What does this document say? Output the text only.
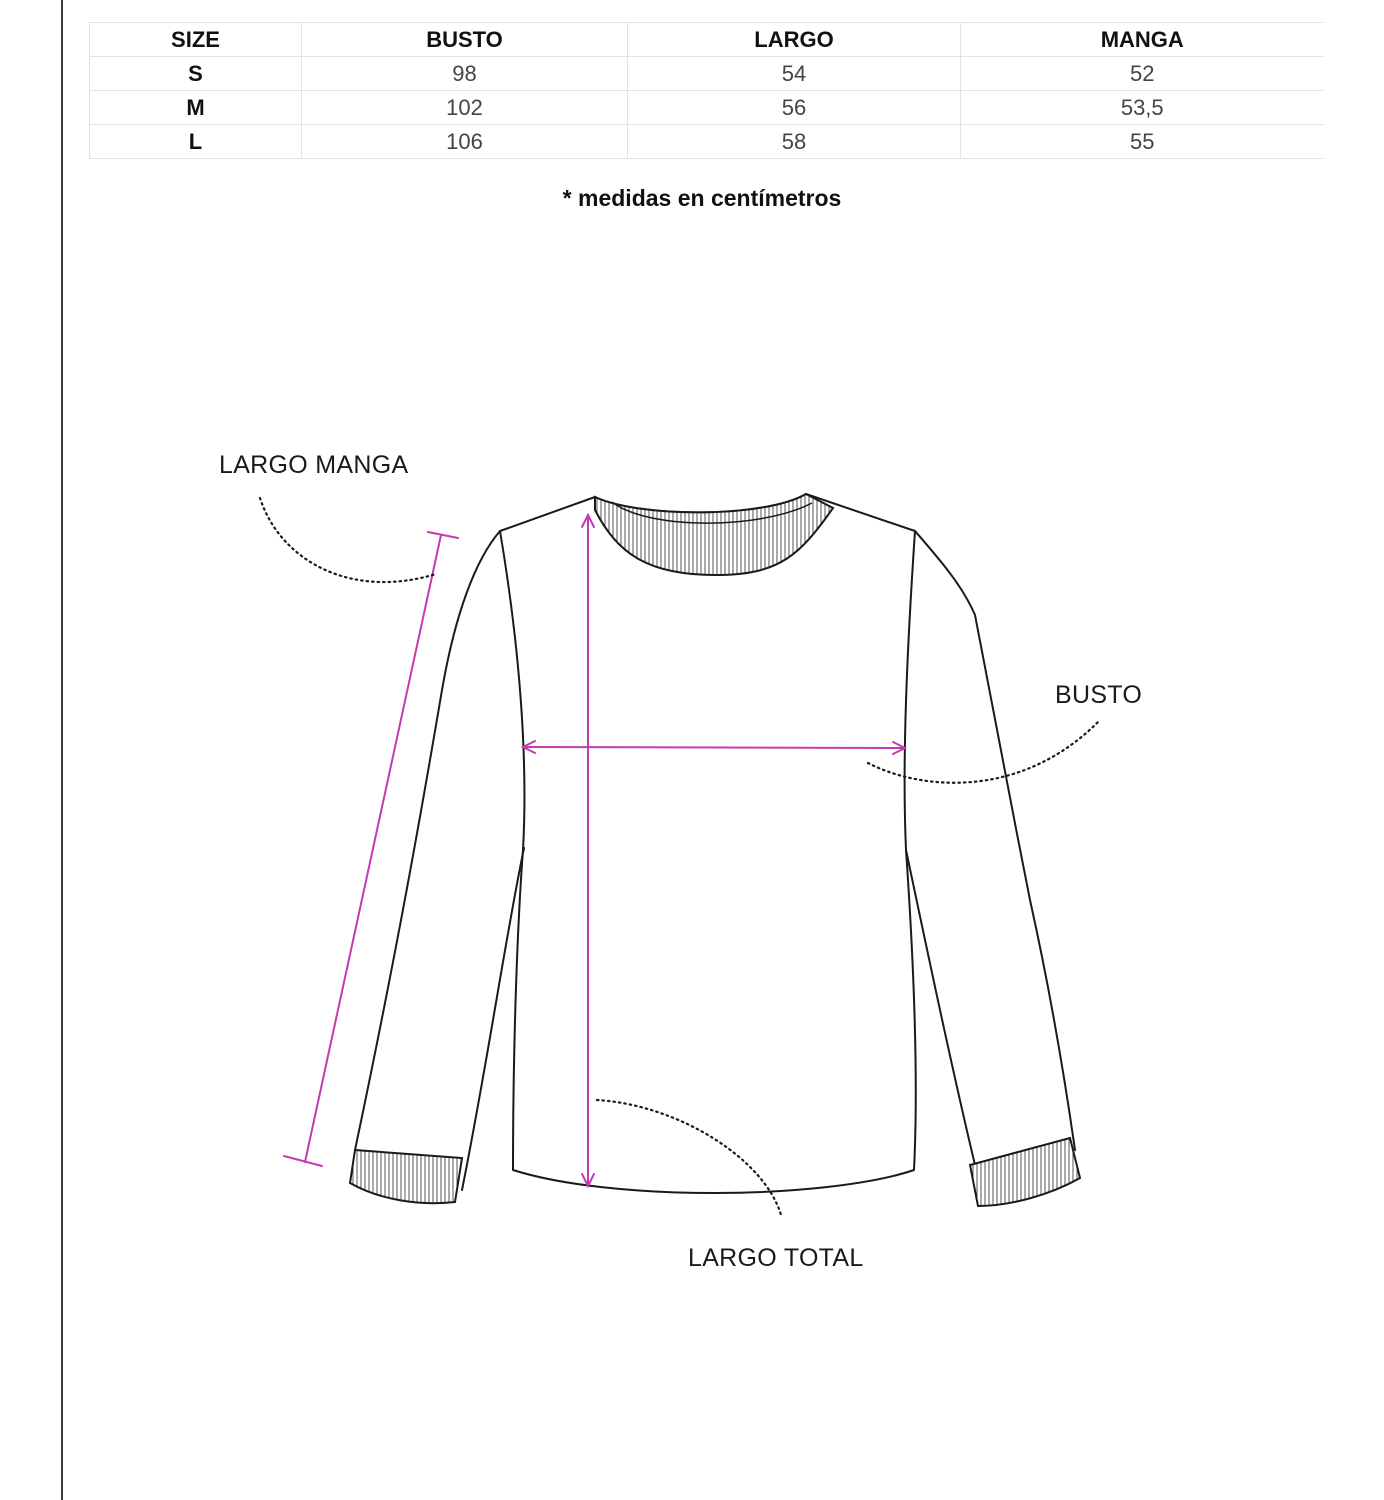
SIZE	BUSTO	LARGO	MANGA
S	98	54	52
M	102	56	53,5
L	106	58	55
* medidas en centímetros
LARGO MANGA
BUSTO
LARGO TOTAL
